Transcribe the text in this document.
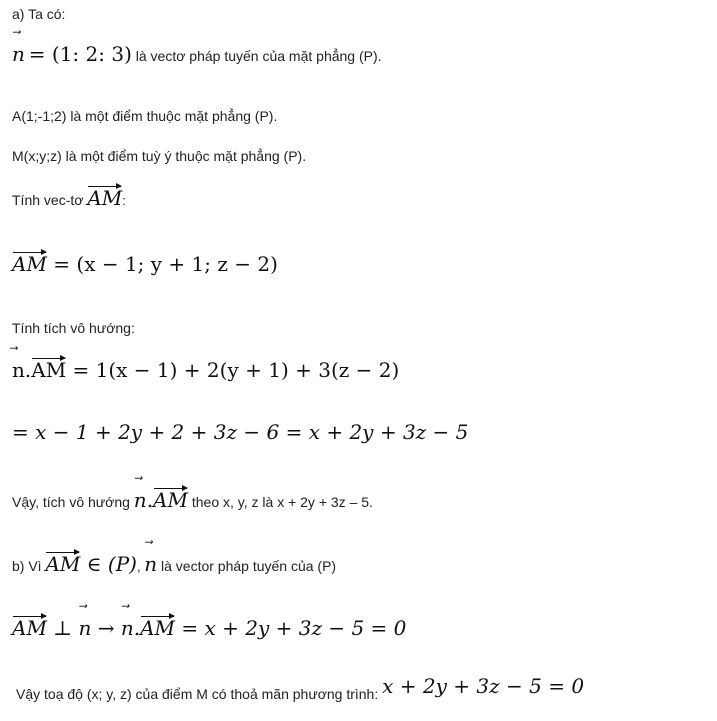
a) Ta có:
n ⃗ = (1: 2: 3) là vectơ pháp tuyến của mặt phẳng (P).
A(1;-1;2) là một điểm thuộc mặt phẳng (P).
M(x;y;z) là một điểm tuỳ ý thuộc mặt phẳng (P).
Tính vec-tơ AM:
AM = (x − 1; y + 1; z − 2)
Tính tích vô hướng:
n ⃗.AM = 1(x − 1) + 2(y + 1) + 3(z − 2)
= x − 1 + 2y + 2 + 3z − 6 = x + 2y + 3z − 5
Vậy, tích vô hướng n ⃗.AM theo x, y, z là x + 2y + 3z – 5.
b) Vì AM ∈ (P), n ⃗ là vector pháp tuyến của (P)
AM ⊥ n ⃗ → n ⃗.AM = x + 2y + 3z − 5 = 0
Vậy toạ độ (x; y, z) của điểm M có thoả mãn phương trình: x + 2y + 3z − 5 = 0
